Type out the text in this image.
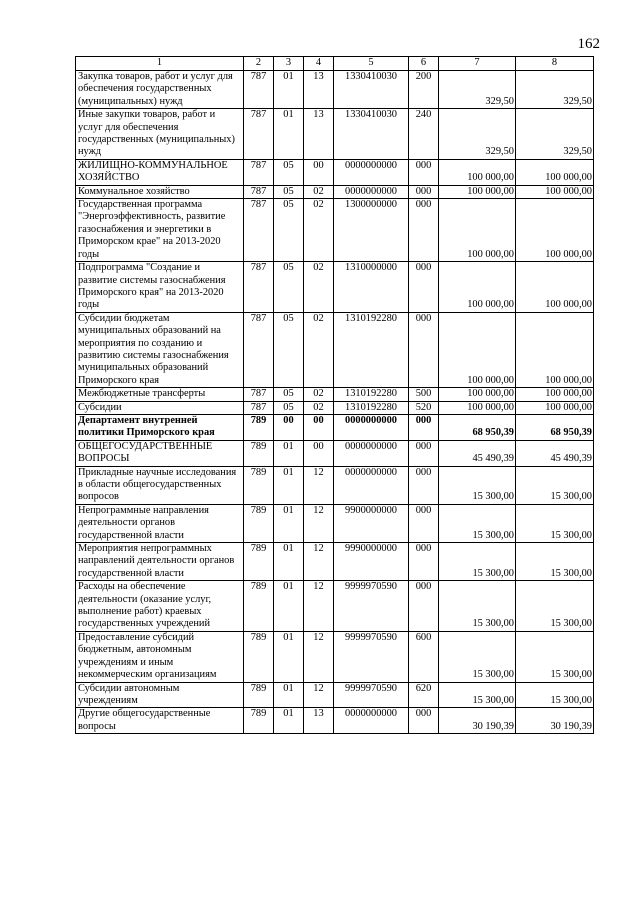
162
1	2	3	4	5	6	7	8
Закупка товаров, работ и услуг для обеспечения государственных (муниципальных) нужд	787	01	13	1330410030	200	329,50	329,50
Иные закупки товаров, работ и услуг для обеспечения государственных (муниципальных) нужд	787	01	13	1330410030	240	329,50	329,50
ЖИЛИЩНО-КОММУНАЛЬНОЕ ХОЗЯЙСТВО	787	05	00	0000000000	000	100 000,00	100 000,00
Коммунальное хозяйство	787	05	02	0000000000	000	100 000,00	100 000,00
Государственная программа "Энергоэффективность, развитие газоснабжения и энергетики в Приморском крае" на 2013-2020 годы	787	05	02	1300000000	000	100 000,00	100 000,00
Подпрограмма "Создание и развитие системы газоснабжения Приморского края" на 2013-2020 годы	787	05	02	1310000000	000	100 000,00	100 000,00
Субсидии бюджетам муниципальных образований на мероприятия по созданию и развитию системы газоснабжения муниципальных образований Приморского края	787	05	02	1310192280	000	100 000,00	100 000,00
Межбюджетные трансферты	787	05	02	1310192280	500	100 000,00	100 000,00
Субсидии	787	05	02	1310192280	520	100 000,00	100 000,00
Департамент внутренней политики Приморского края	789	00	00	0000000000	000	68 950,39	68 950,39
ОБЩЕГОСУДАРСТВЕННЫЕ ВОПРОСЫ	789	01	00	0000000000	000	45 490,39	45 490,39
Прикладные научные исследования в области общегосударственных вопросов	789	01	12	0000000000	000	15 300,00	15 300,00
Непрограммные направления деятельности органов государственной власти	789	01	12	9900000000	000	15 300,00	15 300,00
Мероприятия непрограммных направлений деятельности органов государственной власти	789	01	12	9990000000	000	15 300,00	15 300,00
Расходы на обеспечение деятельности (оказание услуг, выполнение работ) краевых государственных учреждений	789	01	12	9999970590	000	15 300,00	15 300,00
Предоставление субсидий бюджетным, автономным учреждениям и иным некоммерческим организациям	789	01	12	9999970590	600	15 300,00	15 300,00
Субсидии автономным учреждениям	789	01	12	9999970590	620	15 300,00	15 300,00
Другие общегосударственные вопросы	789	01	13	0000000000	000	30 190,39	30 190,39
